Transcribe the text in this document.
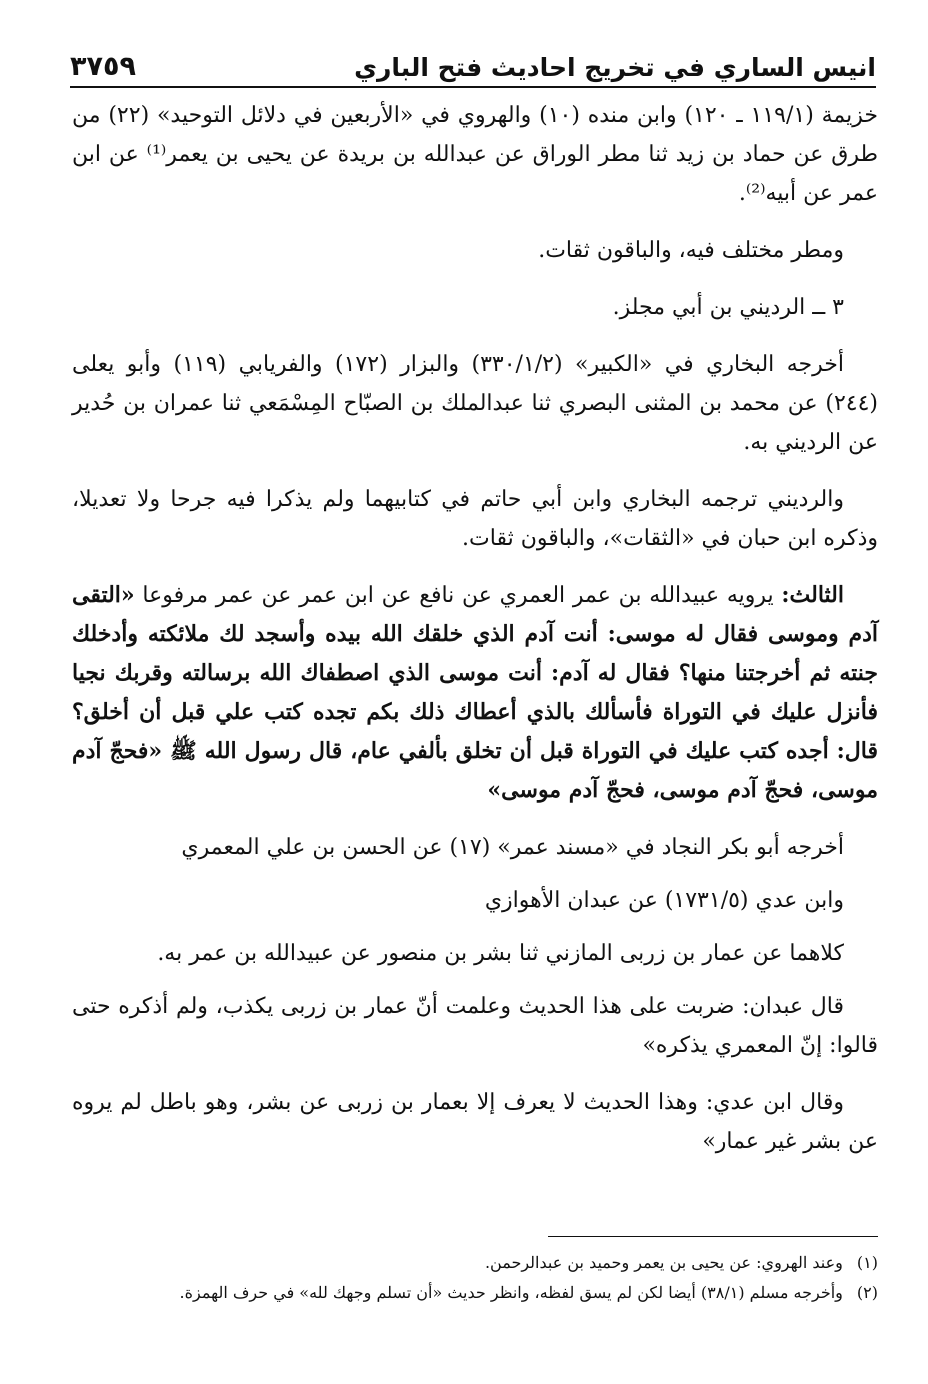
انيس الساري في تخريج احاديث فتح الباري
٣٧٥٩

خزيمة (١١٩/١ ـ ١٢٠) وابن منده (١٠) والهروي في «الأربعين في دلائل التوحيد» (٢٢) من طرق عن حماد بن زيد ثنا مطر الوراق عن عبدالله بن بريدة عن يحيى بن يعمر⁽¹⁾ عن ابن عمر عن أبيه⁽²⁾.

ومطر مختلف فيه، والباقون ثقات.

٣ ــ الرديني بن أبي مجلز.

أخرجه البخاري في «الكبير» (٣٣٠/١/٢) والبزار (١٧٢) والفريابي (١١٩) وأبو يعلى (٢٤٤) عن محمد بن المثنى البصري ثنا عبدالملك بن الصبّاح المِسْمَعي ثنا عمران بن حُدير عن الرديني به.

والرديني ترجمه البخاري وابن أبي حاتم في كتابيهما ولم يذكرا فيه جرحا ولا تعديلا، وذكره ابن حبان في «الثقات»، والباقون ثقات.

الثالث: يرويه عبيدالله بن عمر العمري عن نافع عن ابن عمر عن عمر مرفوعا «التقى آدم وموسى فقال له موسى: أنت آدم الذي خلقك الله بيده وأسجد لك ملائكته وأدخلك جنته ثم أخرجتنا منها؟ فقال له آدم: أنت موسى الذي اصطفاك الله برسالته وقربك نجيا فأنزل عليك في التوراة فأسألك بالذي أعطاك ذلك بكم تجده كتب علي قبل أن أخلق؟ قال: أجده كتب عليك في التوراة قبل أن تخلق بألفي عام، قال رسول الله ﷺ «فحجّ آدم موسى، فحجّ آدم موسى، فحجّ آدم موسى»

أخرجه أبو بكر النجاد في «مسند عمر» (١٧) عن الحسن بن علي المعمري

وابن عدي (١٧٣١/٥) عن عبدان الأهوازي

كلاهما عن عمار بن زربى المازني ثنا بشر بن منصور عن عبيدالله بن عمر به.

قال عبدان: ضربت على هذا الحديث وعلمت أنّ عمار بن زربى يكذب، ولم أذكره حتى قالوا: إنّ المعمري يذكره»

وقال ابن عدي: وهذا الحديث لا يعرف إلا بعمار بن زربى عن بشر، وهو باطل لم يروه عن بشر غير عمار»

(١)
وعند الهروي: عن يحيى بن يعمر وحميد بن عبدالرحمن.
(٢)
وأخرجه مسلم (٣٨/١) أيضا لكن لم يسق لفظه، وانظر حديث «أن تسلم وجهك لله» في حرف الهمزة.
